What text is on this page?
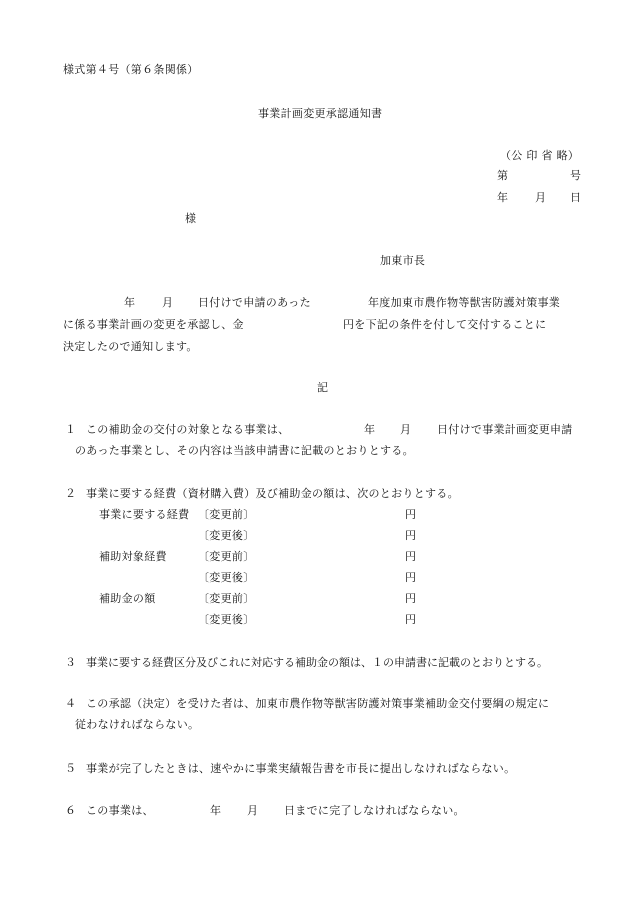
様式第４号（第６条関係）
事業計画変更承認通知書
（公 印 省 略）
第	号
年 月 日
様
加東市長
年 月 日付けで申請のあった	年度加東市農作物等獣害防護対策事業
に係る事業計画の変更を承認し、金	円を下記の条件を付して交付することに
決定したので通知します。
記
１ この補助金の交付の対象となる事業は、	年 月 日付けで事業計画変更申請
のあった事業とし、その内容は当該申請書に記載のとおりとする。
２ 事業に要する経費（資材購入費）及び補助金の額は、次のとおりとする。
事業に要する経費 〔変更前〕	円
〔変更後〕	円
補助対象経費	〔変更前〕	円
〔変更後〕	円
補助金の額	〔変更前〕	円
〔変更後〕	円
３ 事業に要する経費区分及びこれに対応する補助金の額は、１の申請書に記載のとおりとする。
４ この承認（決定）を受けた者は、加東市農作物等獣害防護対策事業補助金交付要綱の規定に
従わなければならない。
５ 事業が完了したときは、速やかに事業実績報告書を市長に提出しなければならない。
６ この事業は、	年 月 日までに完了しなければならない。
